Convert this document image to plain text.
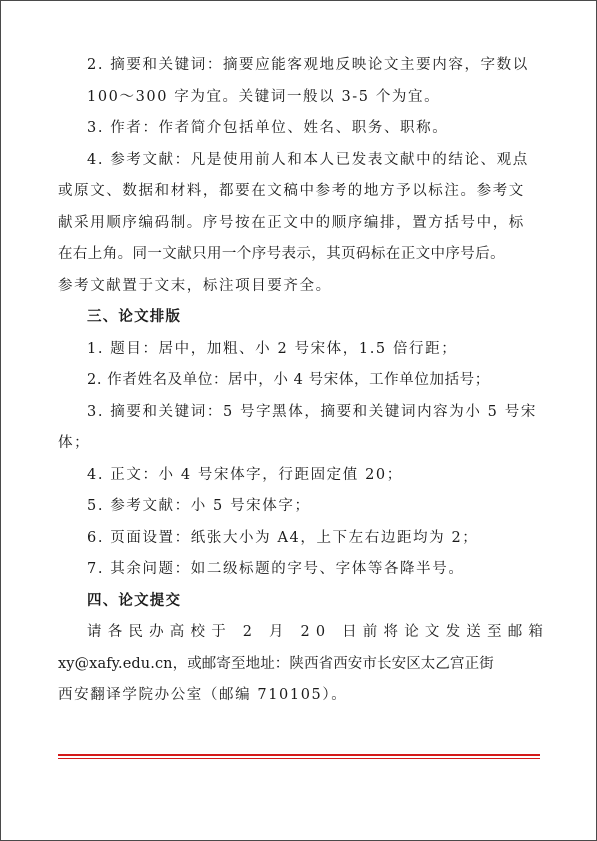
2. 摘要和关键词：摘要应能客观地反映论文主要内容，字数以
100～300 字为宜。关键词一般以 3-5 个为宜。

3. 作者：作者简介包括单位、姓名、职务、职称。

4. 参考文献：凡是使用前人和本人已发表文献中的结论、观点
或原文、数据和材料，都要在文稿中参考的地方予以标注。参考文
献采用顺序编码制。序号按在正文中的顺序编排，置方括号中，标
在右上角。同一文献只用一个序号表示，其页码标在正文中序号后。
参考文献置于文末，标注项目要齐全。

三、论文排版

1. 题目：居中，加粗、小 2 号宋体，1.5 倍行距；

2. 作者姓名及单位：居中，小 4 号宋体，工作单位加括号；

3. 摘要和关键词：5 号字黑体，摘要和关键词内容为小 5 号宋
体；

4. 正文：小 4 号宋体字，行距固定值 20；

5. 参考文献：小 5 号宋体字；

6. 页面设置：纸张大小为 A4，上下左右边距均为 2；

7. 其余问题：如二级标题的字号、字体等各降半号。

四、论文提交

请各民办高校于 2 月 20 日前将论文发送至邮箱
xy@xafy.edu.cn，或邮寄至地址：陕西省西安市长安区太乙宫正街
西安翻译学院办公室（邮编 710105）。
